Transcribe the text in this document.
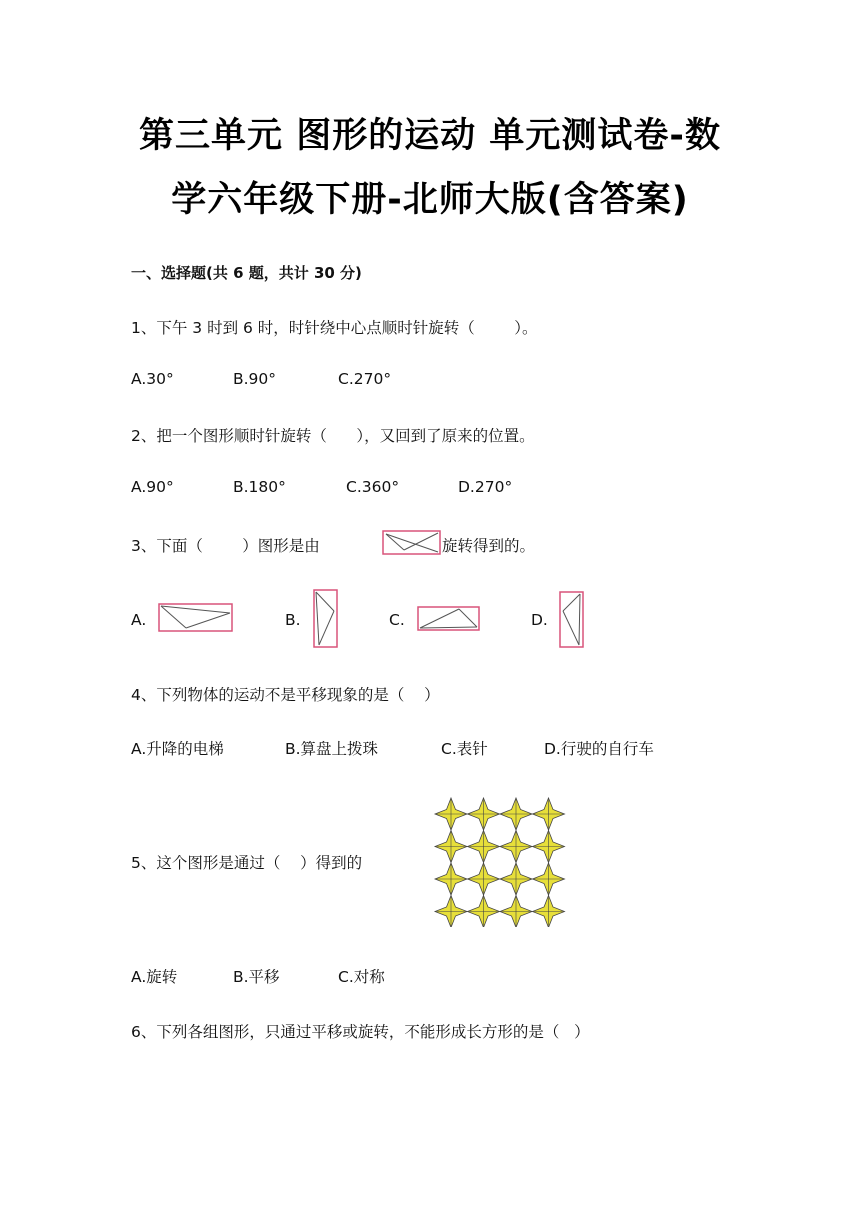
第三单元 图形的运动 单元测试卷-数
学六年级下册-北师大版(含答案)
一、选择题(共 6 题，共计 30 分)
1、下午 3 时到 6 时，时针绕中心点顺时针旋转（        ）。
A.30°	B.90°	C.270°
2、把一个图形顺时针旋转（      ），又回到了原来的位置。
A.90°	B.180°	C.360°	D.270°
3、下面（        ）图形是由	旋转得到的。
A.	B.	C.	D.
4、下列物体的运动不是平移现象的是（    ）
A.升降的电梯	B.算盘上拨珠	C.表针	D.行驶的自行车
5、这个图形是通过（    ）得到的
A.旋转	B.平移	C.对称
6、下列各组图形，只通过平移或旋转，不能形成长方形的是（   ）
